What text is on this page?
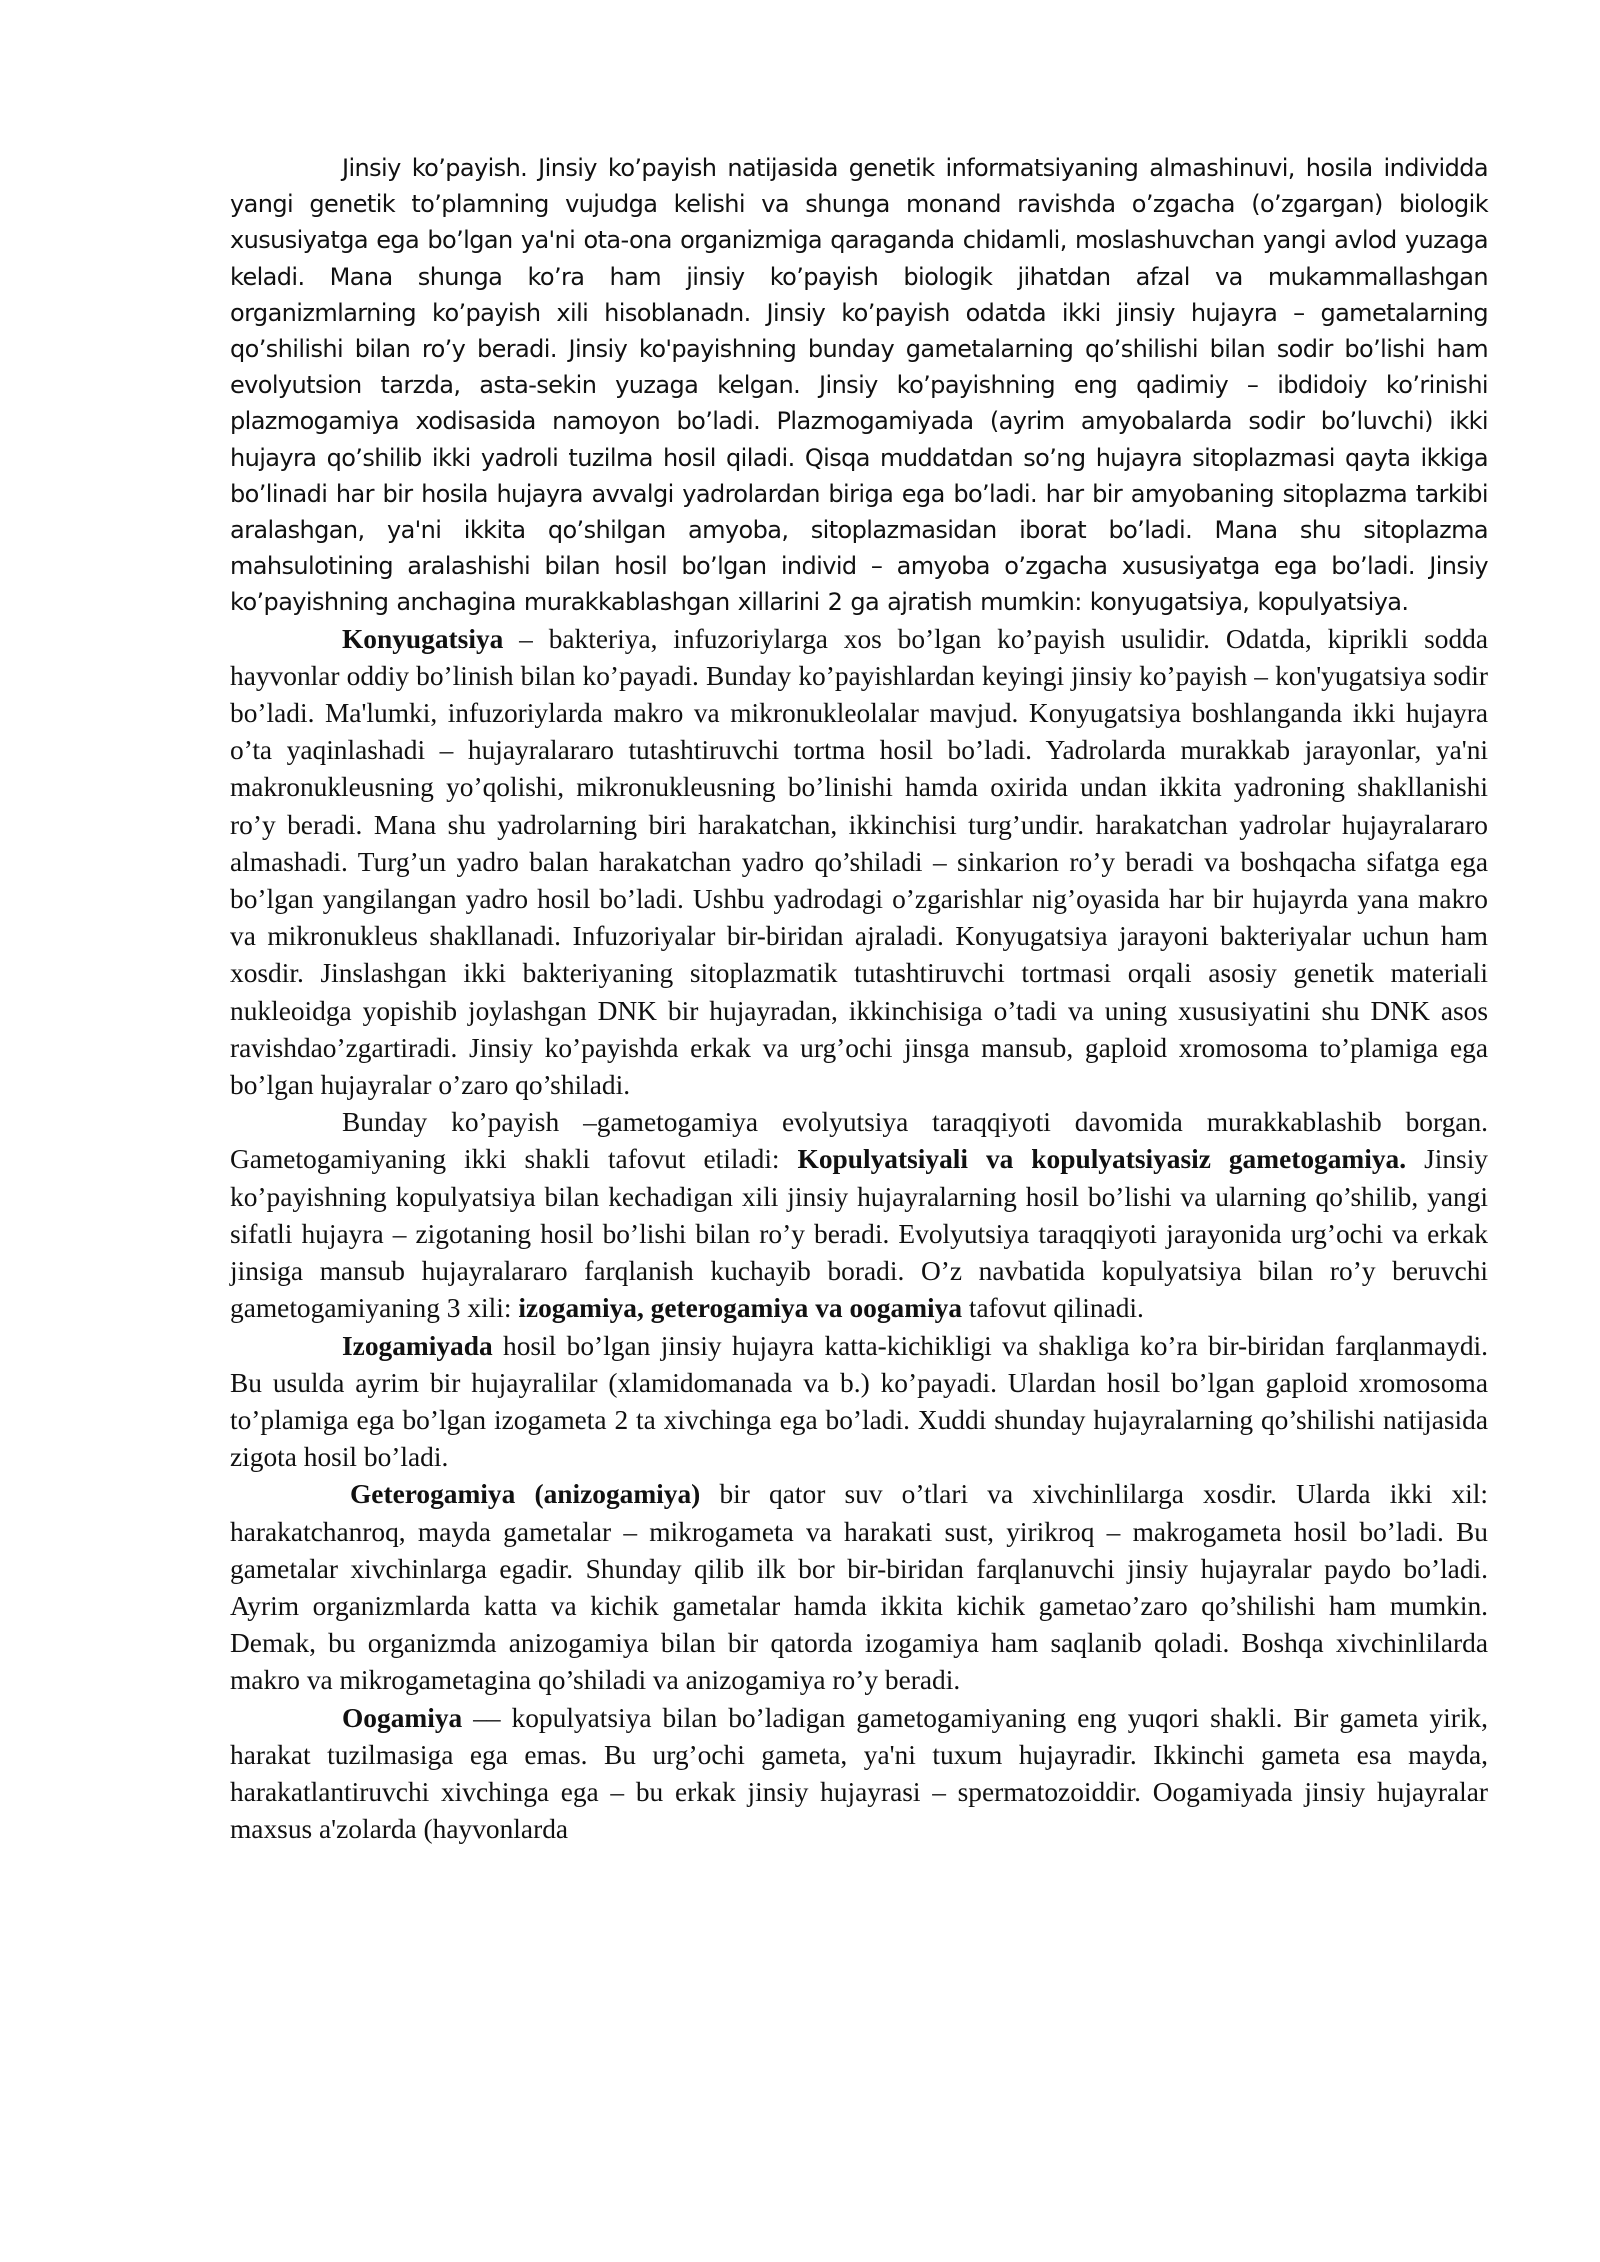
Jinsiy ko’payish. Jinsiy ko’payish natijasida genetik informatsiyaning almashinuvi, hosila individda yangi genetik to’plamning vujudga kelishi va shunga monand ravishda o’zgacha (o’zgargan) biologik xususiyatga ega bo’lgan ya'ni ota-ona organizmiga qaraganda chidamli, moslashuvchan yangi avlod yuzaga keladi. Mana shunga ko’ra ham jinsiy ko’payish biologik jihatdan afzal va mukammallashgan organizmlarning ko’payish xili hisoblanadn. Jinsiy ko’payish odatda ikki jinsiy hujayra – gametalarning qo’shilishi bilan ro’y beradi. Jinsiy ko'payishning bunday gametalarning qo’shilishi bilan sodir bo’lishi ham evolyutsion tarzda, asta-sekin yuzaga kelgan. Jinsiy ko’payishning eng qadimiy – ibdidoiy ko’rinishi plazmogamiya xodisasida namoyon bo’ladi. Plazmogamiyada (ayrim amyobalarda sodir bo’luvchi) ikki hujayra qo’shilib ikki yadroli tuzilma hosil qiladi. Qisqa muddatdan so’ng hujayra sitoplazmasi qayta ikkiga bo’linadi har bir hosila hujayra avvalgi yadrolardan biriga ega bo’ladi. har bir amyobaning sitoplazma tarkibi aralashgan, ya'ni ikkita qo’shilgan amyoba, sitoplazmasidan iborat bo’ladi. Mana shu sitoplazma mahsulotining aralashishi bilan hosil bo’lgan individ – amyoba o’zgacha xususiyatga ega bo’ladi. Jinsiy ko’payishning anchagina murakkablashgan xillarini 2 ga ajratish mumkin: konyugatsiya, kopulyatsiya.

Konyugatsiya – bakteriya, infuzoriylarga xos bo’lgan ko’payish usulidir. Odatda, kiprikli sodda hayvonlar oddiy bo’linish bilan ko’payadi. Bunday ko’payishlardan keyingi jinsiy ko’payish – kon'yugatsiya sodir bo’ladi. Ma'lumki, infuzoriylarda makro va mikronukleolalar mavjud. Konyugatsiya boshlanganda ikki hujayra o’ta yaqinlashadi – hujayralararo tutashtiruvchi tortma hosil bo’ladi. Yadrolarda murakkab jarayonlar, ya'ni makronukleusning yo’qolishi, mikronukleusning bo’linishi hamda oxirida undan ikkita yadroning shakllanishi ro’y beradi. Mana shu yadrolarning biri harakatchan, ikkinchisi turg’undir. harakatchan yadrolar hujayralararo almashadi. Turg’un yadro balan harakatchan yadro qo’shiladi – sinkarion ro’y beradi va boshqacha sifatga ega bo’lgan yangilangan yadro hosil bo’ladi. Ushbu yadrodagi o’zgarishlar nig’oyasida har bir hujayrda yana makro va mikronukleus shakllanadi. Infuzoriyalar bir-biridan ajraladi. Konyugatsiya jarayoni bakteriyalar uchun ham xosdir. Jinslashgan ikki bakteriyaning sitoplazmatik tutashtiruvchi tortmasi orqali asosiy genetik materiali nukleoidga yopishib joylashgan DNK bir hujayradan, ikkinchisiga o’tadi va uning xususiyatini shu DNK asos ravishdao’zgartiradi. Jinsiy ko’payishda erkak va urg’ochi jinsga mansub, gaploid xromosoma to’plamiga ega bo’lgan hujayralar o’zaro qo’shiladi.

Bunday ko’payish –gametogamiya evolyutsiya taraqqiyoti davomida murakkablashib borgan. Gametogamiyaning ikki shakli tafovut etiladi: Kopulyatsiyali va kopulyatsiyasiz gametogamiya. Jinsiy ko’payishning kopulyatsiya bilan kechadigan xili jinsiy hujayralarning hosil bo’lishi va ularning qo’shilib, yangi sifatli hujayra – zigotaning hosil bo’lishi bilan ro’y beradi. Evolyutsiya taraqqiyoti jarayonida urg’ochi va erkak jinsiga mansub hujayralararo farqlanish kuchayib boradi. O’z navbatida kopulyatsiya bilan ro’y beruvchi gametogamiyaning 3 xili: izogamiya, geterogamiya va oogamiya tafovut qilinadi.

Izogamiyada hosil bo’lgan jinsiy hujayra katta-kichikligi va shakliga ko’ra bir-biridan farqlanmaydi. Bu usulda ayrim bir hujayralilar (xlamidomanada va b.) ko’payadi. Ulardan hosil bo’lgan gaploid xromosoma to’plamiga ega bo’lgan izogameta 2 ta xivchinga ega bo’ladi. Xuddi shunday hujayralarning qo’shilishi natijasida zigota hosil bo’ladi.

Geterogamiya (anizogamiya) bir qator suv o’tlari va xivchinlilarga xosdir. Ularda ikki xil: harakatchanroq, mayda gametalar – mikrogameta va harakati sust, yirikroq – makrogameta hosil bo’ladi. Bu gametalar xivchinlarga egadir. Shunday qilib ilk bor bir-biridan farqlanuvchi jinsiy hujayralar paydo bo’ladi. Ayrim organizmlarda katta va kichik gametalar hamda ikkita kichik gametao’zaro qo’shilishi ham mumkin. Demak, bu organizmda anizogamiya bilan bir qatorda izogamiya ham saqlanib qoladi. Boshqa xivchinlilarda makro va mikrogametagina qo’shiladi va anizogamiya ro’y beradi.

Oogamiya –– kopulyatsiya bilan bo’ladigan gametogamiyaning eng yuqori shakli. Bir gameta yirik, harakat tuzilmasiga ega emas. Bu urg’ochi gameta, ya'ni tuxum hujayradir. Ikkinchi gameta esa mayda, harakatlantiruvchi xivchinga ega – bu erkak jinsiy hujayrasi – spermatozoiddir. Oogamiyada jinsiy hujayralar maxsus a'zolarda (hayvonlarda
